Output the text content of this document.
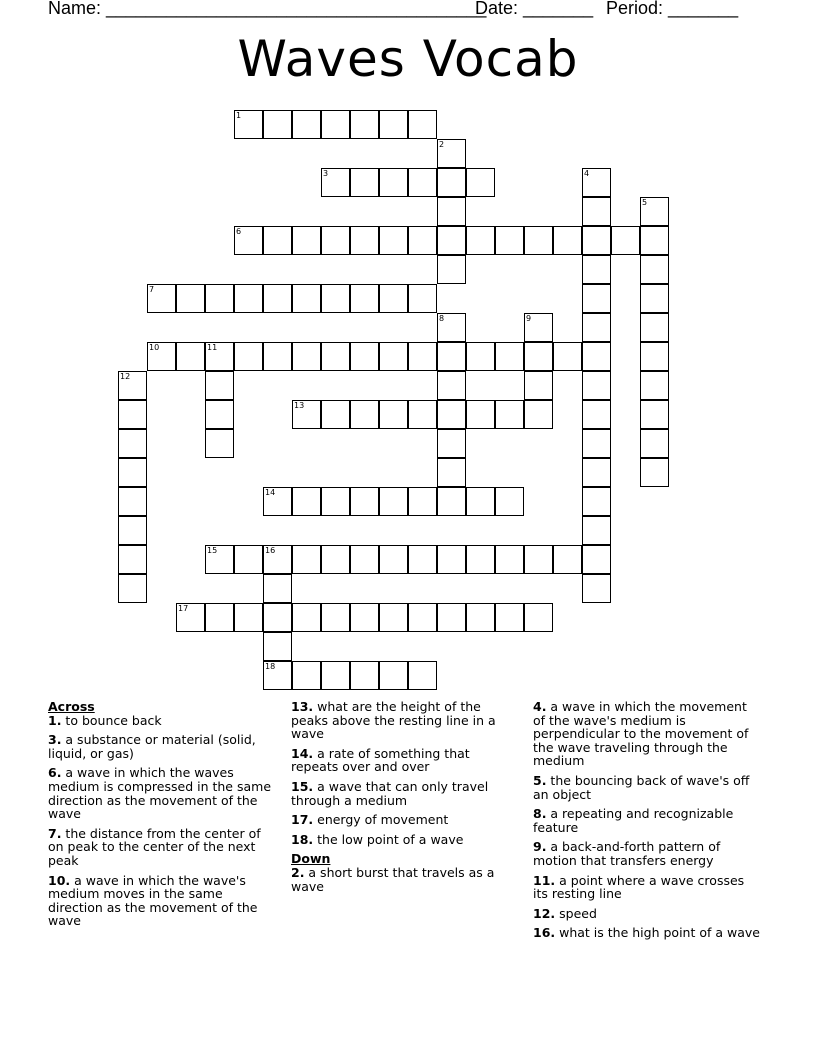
Name: ______________________________________
Date: _______ Period: _______
Waves Vocab
1
2
3	4
5
6
7
8	9
10	11
12
13
14
15	16
18
17
Across
1. to bounce back
3. a substance or material (solid, liquid, or gas)
6. a wave in which the waves medium is compressed in the same direction as the movement of the wave
7. the distance from the center of on peak to the center of the next peak
10. a wave in which the wave's medium moves in the same direction as the movement of the wave
13. what are the height of the peaks above the resting line in a wave
14. a rate of something that repeats over and over
15. a wave that can only travel through a medium
17. energy of movement
18. the low point of a wave
Down
2. a short burst that travels as a wave
4. a wave in which the movement of the wave's medium is perpendicular to the movement of the wave traveling through the medium
5. the bouncing back of wave's off an object
8. a repeating and recognizable feature
9. a back-and-forth pattern of motion that transfers energy
11. a point where a wave crosses its resting line
12. speed
16. what is the high point of a wave
